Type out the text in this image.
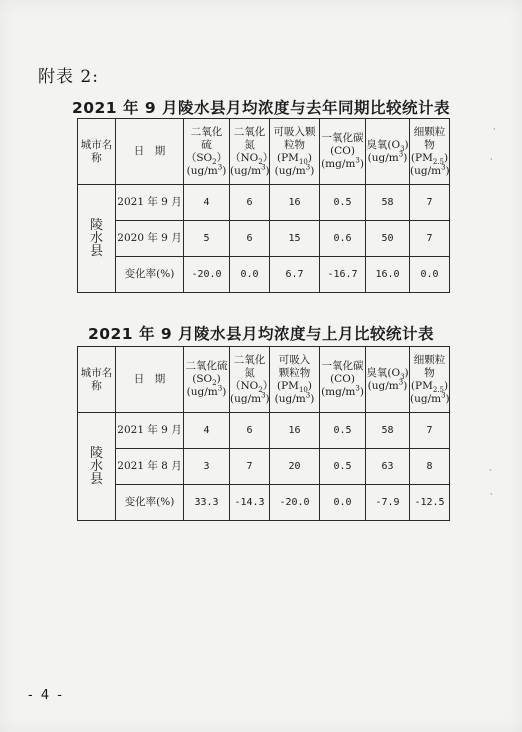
附表 2:
2021 年 9 月陵水县月均浓度与去年同期比较统计表
城市名称	日　期	二氧化
硫$(SO_2)$
$(ug/m^3)$	二氧化
氮$(NO_2)$
$(ug/m^3)$	可吸入颗
粒物
$(PM_{10})$
$(ug/m^3)$	一氧化碳
(CO)
$(mg/m^3)$	臭氧$(O_3)$
$(ug/m^3)$	细颗粒物
$(PM_{2.5})$
$(ug/m^3)$
陵
水
县	2021 年 9 月	4	6	16	0.5	58	7
	2020 年 9 月	5	6	15	0.6	50	7
	变化率(%)	-20.0	0.0	6.7	-16.7	16.0	0.0
2021 年 9 月陵水县月均浓度与上月比较统计表
城市名称	日　期	二氧化硫
$(SO_2)$
$(ug/m^3)$	二氧化
氮$(NO_2)$
$(ug/m^3)$	可吸入
颗粒物
$(PM_{10})$
$(ug/m^3)$	一氧化碳
(CO)
$(mg/m^3)$	臭氧$(O_3)$
$(ug/m^3)$	细颗粒物
$(PM_{2.5})$
$(ug/m^3)$
陵
水
县	2021 年 9 月	4	6	16	0.5	58	7
	2021 年 8 月	3	7	20	0.5	63	8
	变化率(%)	33.3	-14.3	-20.0	0.0	-7.9	-12.5
·
·
·
·
- 4 -
